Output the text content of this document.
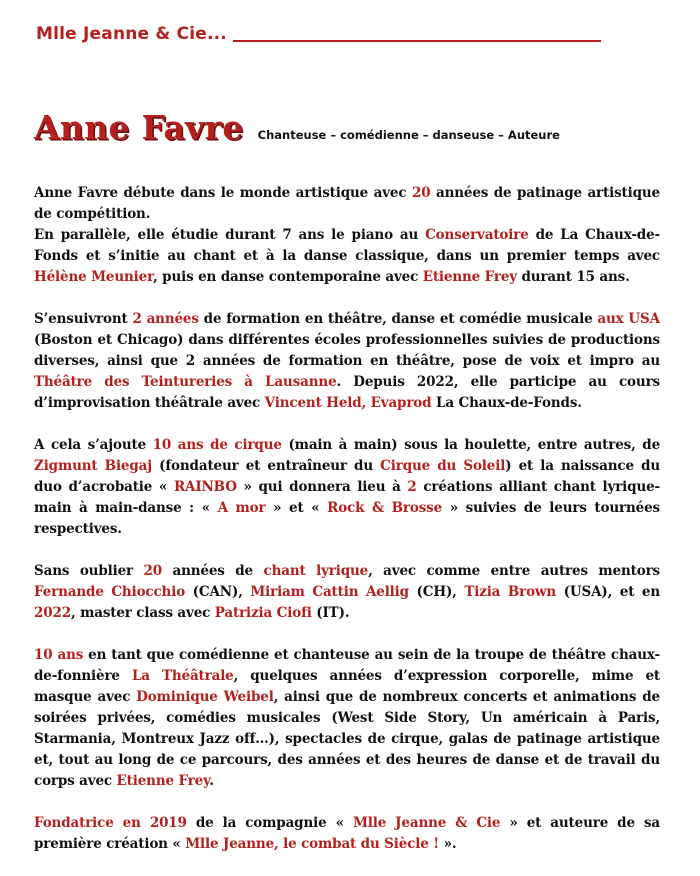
Mlle Jeanne & Cie...
Anne Favre Chanteuse – comédienne – danseuse – Auteure

Anne Favre débute dans le monde artistique avec 20 années de patinage artistique de compétition.
En parallèle, elle étudie durant 7 ans le piano au Conservatoire de La Chaux-de-Fonds et s’initie au chant et à la danse classique, dans un premier temps avec Hélène Meunier, puis en danse contemporaine avec Etienne Frey durant 15 ans.

S’ensuivront 2 années de formation en théâtre, danse et comédie musicale aux USA (Boston et Chicago) dans différentes écoles professionnelles suivies de productions diverses, ainsi que 2 années de formation en théâtre, pose de voix et impro au Théâtre des Teintureries à Lausanne. Depuis 2022, elle participe au cours d’improvisation théâtrale avec Vincent Held, Evaprod La Chaux-de-Fonds.

A cela s’ajoute 10 ans de cirque (main à main) sous la houlette, entre autres, de Zigmunt Biegaj (fondateur et entraîneur du Cirque du Soleil) et la naissance du duo d’acrobatie « RAINBO » qui donnera lieu à 2 créations alliant chant lyrique-main à main-danse : « A mor » et « Rock & Brosse » suivies de leurs tournées respectives.

Sans oublier 20 années de chant lyrique, avec comme entre autres mentors Fernande Chiocchio (CAN), Miriam Cattin Aellig (CH), Tizia Brown (USA), et en 2022, master class avec Patrizia Ciofi (IT).

10 ans en tant que comédienne et chanteuse au sein de la troupe de théâtre chaux-de-fonnière La Théâtrale, quelques années d’expression corporelle, mime et masque avec Dominique Weibel, ainsi que de nombreux concerts et animations de soirées privées, comédies musicales (West Side Story, Un américain à Paris, Starmania, Montreux Jazz off…), spectacles de cirque, galas de patinage artistique et, tout au long de ce parcours, des années et des heures de danse et de travail du corps avec Etienne Frey.

Fondatrice en 2019 de la compagnie « Mlle Jeanne & Cie » et auteure de sa première création « Mlle Jeanne, le combat du Siècle ! ».
